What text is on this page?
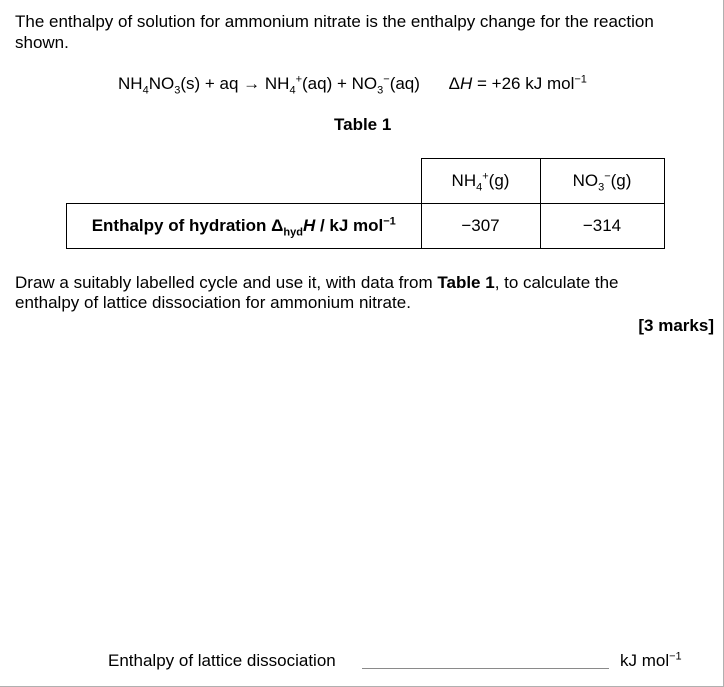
The enthalpy of solution for ammonium nitrate is the enthalpy change for the reaction
shown.
$NH_4NO_3(s)$ + aq → $NH_4^+(aq) + NO_3^-(aq) \Delta H = +26$ kJ mol$^{-1}$
Table 1
	$NH_4^+(g)$	$NO_3^-(g)$
Enthalpy of hydration $\Delta_{hyd}H$ / kJ mol$^{-1}$	−307	−314
Draw a suitably labelled cycle and use it, with data from Table 1, to calculate the
enthalpy of lattice dissociation for ammonium nitrate.
[3 marks]
Enthalpy of lattice dissociation	kJ mol$^{-1}$
